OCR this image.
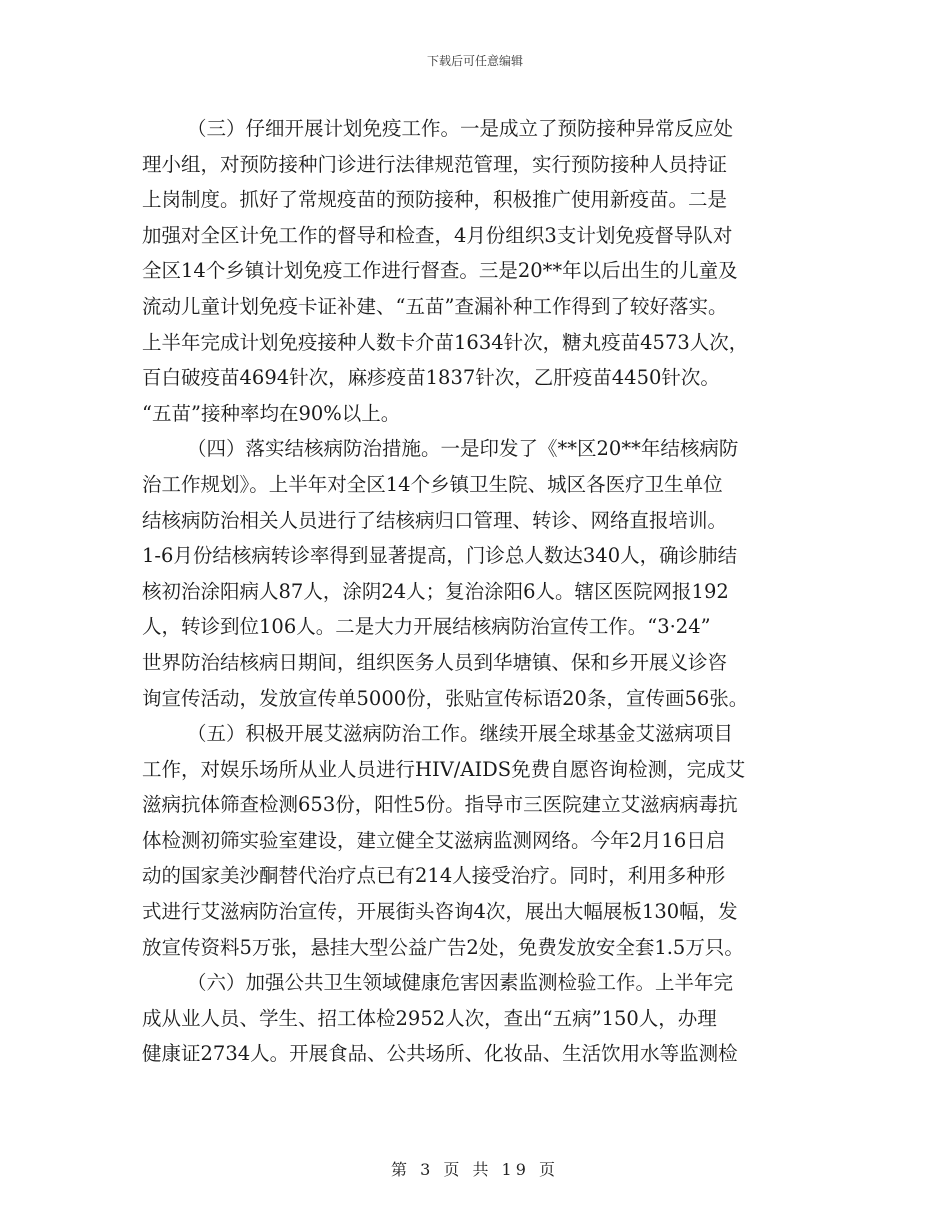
下载后可任意编辑
（三）仔细开展计划免疫工作。一是成立了预防接种异常反应处
理小组，对预防接种门诊进行法律规范管理，实行预防接种人员持证
上岗制度。抓好了常规疫苗的预防接种，积极推广使用新疫苗。二是
加强对全区计免工作的督导和检查，4月份组织3支计划免疫督导队对
全区14个乡镇计划免疫工作进行督查。三是20**年以后出生的儿童及
流动儿童计划免疫卡证补建、“五苗”查漏补种工作得到了较好落实。
上半年完成计划免疫接种人数卡介苗1634针次，糖丸疫苗4573人次，
百白破疫苗4694针次，麻疹疫苗1837针次，乙肝疫苗4450针次。
“五苗”接种率均在90%以上。
（四）落实结核病防治措施。一是印发了《**区20**年结核病防
治工作规划》。上半年对全区14个乡镇卫生院、城区各医疗卫生单位
结核病防治相关人员进行了结核病归口管理、转诊、网络直报培训。
1-6月份结核病转诊率得到显著提高，门诊总人数达340人，确诊肺结
核初治涂阳病人87人，涂阴24人；复治涂阳6人。辖区医院网报192
人，转诊到位106人。二是大力开展结核病防治宣传工作。“3·24”
世界防治结核病日期间，组织医务人员到华塘镇、保和乡开展义诊咨
询宣传活动，发放宣传单5000份，张贴宣传标语20条，宣传画56张。
（五）积极开展艾滋病防治工作。继续开展全球基金艾滋病项目
工作，对娱乐场所从业人员进行HIV/AIDS免费自愿咨询检测，完成艾
滋病抗体筛查检测653份，阳性5份。指导市三医院建立艾滋病病毒抗
体检测初筛实验室建设，建立健全艾滋病监测网络。今年2月16日启
动的国家美沙酮替代治疗点已有214人接受治疗。同时，利用多种形
式进行艾滋病防治宣传，开展街头咨询4次，展出大幅展板130幅，发
放宣传资料5万张，悬挂大型公益广告2处，免费发放安全套1.5万只。
（六）加强公共卫生领域健康危害因素监测检验工作。上半年完
成从业人员、学生、招工体检2952人次，查出“五病”150人，办理
健康证2734人。开展食品、公共场所、化妆品、生活饮用水等监测检
第 3 页 共 19 页
